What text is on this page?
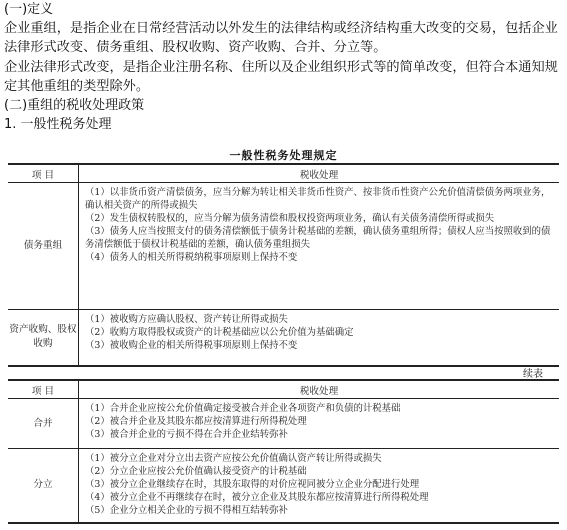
(一)定义

企业重组，是指企业在日常经营活动以外发生的法律结构或经济结构重大改变的交易，包括企业法律形式改变、债务重组、股权收购、资产收购、合并、分立等。

企业法律形式改变，是指企业注册名称、住所以及企业组织形式等的简单改变，但符合本通知规定其他重组的类型除外。

(二)重组的税收处理政策

1. 一般性税务处理

一般性税务处理规定
项 目	税收处理
债务重组	（1）以非货币资产清偿债务，应当分解为转让相关非货币性资产、按非货币性资产公允价值清偿债务两项业务，确认相关资产的所得或损失
（2）发生债权转股权的，应当分解为债务清偿和股权投资两项业务，确认有关债务清偿所得或损失
（3）债务人应当按照支付的债务清偿额低于债务计税基础的差额，确认债务重组所得；债权人应当按照收到的债务清偿额低于债权计税基础的差额，确认债务重组损失
（4）债务人的相关所得税纳税事项原则上保持不变

资产收购、股权收购	（1）被收购方应确认股权、资产转让所得或损失
（2）收购方取得股权或资产的计税基础应以公允价值为基础确定
（3）被收购企业的相关所得税事项原则上保持不变
续表
项 目	税收处理
合并	（1）合并企业应按公允价值确定接受被合并企业各项资产和负债的计税基础
（2）被合并企业及其股东都应按清算进行所得税处理
（3）被合并企业的亏损不得在合并企业结转弥补

分立	（1）被分立企业对分立出去资产应按公允价值确认资产转让所得或损失
（2）分立企业应按公允价值确认接受资产的计税基础
（3）被分立企业继续存在时，其股东取得的对价应视同被分立企业分配进行处理
（4）被分立企业不再继续存在时，被分立企业及其股东都应按清算进行所得税处理
（5）企业分立相关企业的亏损不得相互结转弥补
